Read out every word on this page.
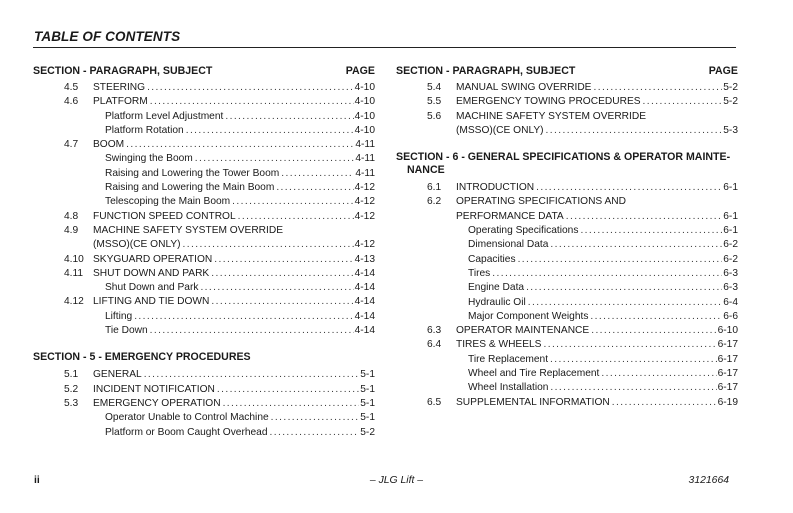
TABLE OF CONTENTS
SECTION - PARAGRAPH, SUBJECT	PAGE
4.5 STEERING .....	4-10
4.6 PLATFORM .....	4-10
Platform Level Adjustment .....	4-10
Platform Rotation .....	4-10
4.7 BOOM .....	4-11
Swinging the Boom .....	4-11
Raising and Lowering the Tower Boom .....	4-11
Raising and Lowering the Main Boom .....	4-12
Telescoping the Main Boom .....	4-12
4.8 FUNCTION SPEED CONTROL .....	4-12
4.9 MACHINE SAFETY SYSTEM OVERRIDE
(MSSO)(CE ONLY) .....	4-12
4.10 SKYGUARD OPERATION .....	4-13
4.11 SHUT DOWN AND PARK .....	4-14
Shut Down and Park .....	4-14
4.12 LIFTING AND TIE DOWN .....	4-14
Lifting .....	4-14
Tie Down .....	4-14
SECTION - 5 - EMERGENCY PROCEDURES
5.1 GENERAL .....	5-1
5.2 INCIDENT NOTIFICATION .....	5-1
5.3 EMERGENCY OPERATION .....	5-1
Operator Unable to Control Machine .....	5-1
Platform or Boom Caught Overhead .....	5-2
SECTION - PARAGRAPH, SUBJECT	PAGE
5.4 MANUAL SWING OVERRIDE .....	5-2
5.5 EMERGENCY TOWING PROCEDURES .....	5-2
5.6 MACHINE SAFETY SYSTEM OVERRIDE
(MSSO)(CE ONLY) .....	5-3
SECTION - 6 - GENERAL SPECIFICATIONS & OPERATOR MAINTE-
NANCE
6.1 INTRODUCTION .....	6-1
6.2 OPERATING SPECIFICATIONS AND
PERFORMANCE DATA .....	6-1
Operating Specifications .....	6-1
Dimensional Data .....	6-2
Capacities .....	6-2
Tires .....	6-3
Engine Data .....	6-3
Hydraulic Oil .....	6-4
Major Component Weights .....	6-6
6.3 OPERATOR MAINTENANCE .....	6-10
6.4 TIRES & WHEELS .....	6-17
Tire Replacement .....	6-17
Wheel and Tire Replacement .....	6-17
Wheel Installation .....	6-17
6.5 SUPPLEMENTAL INFORMATION .....	6-19
ii	– JLG Lift –	3121664
